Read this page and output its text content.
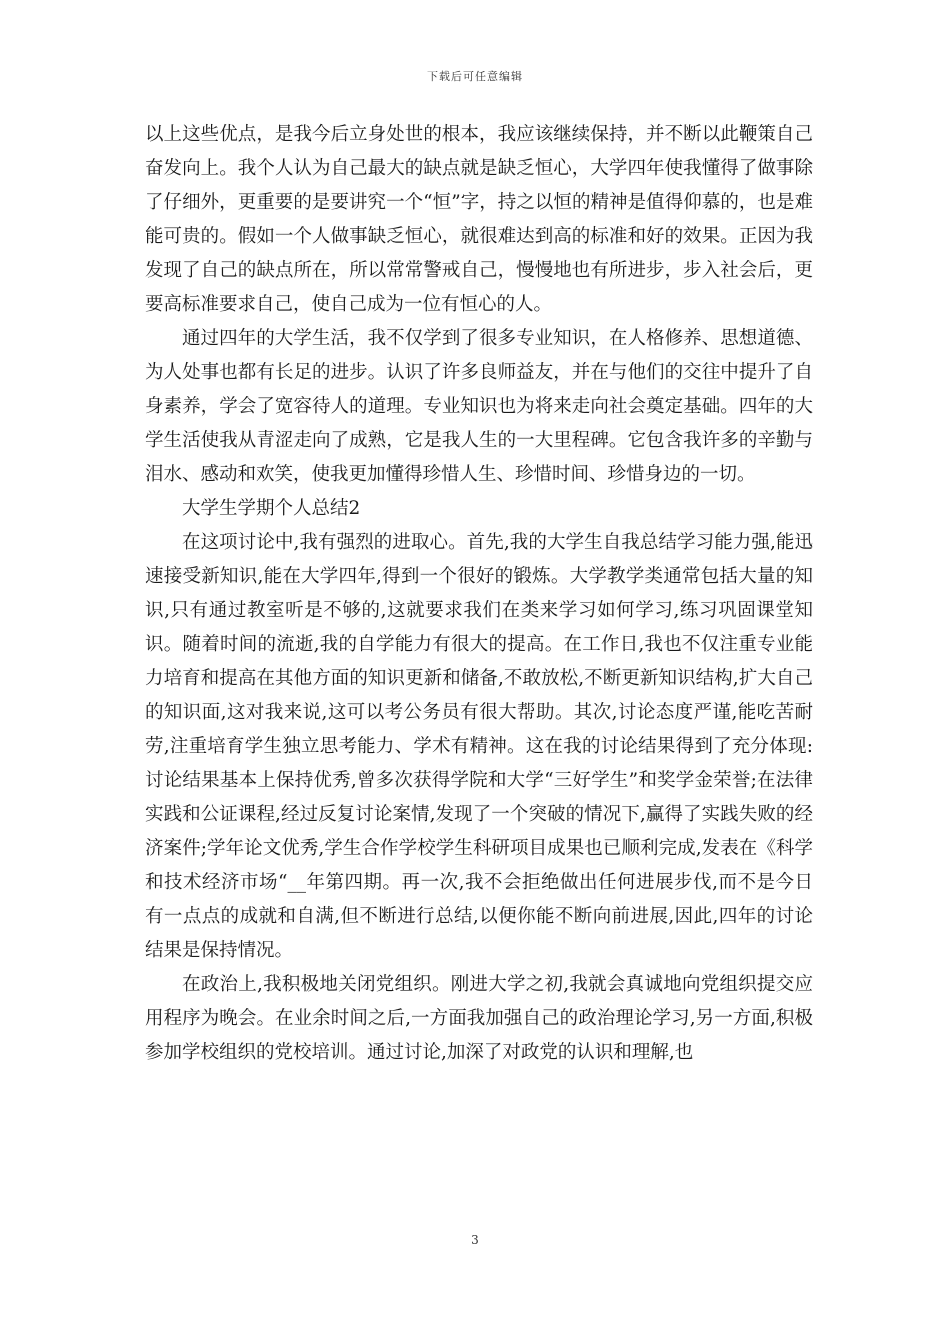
下载后可任意编辑

以上这些优点，是我今后立身处世的根本，我应该继续保持，并不断以此鞭策自己奋发向上。我个人认为自己最大的缺点就是缺乏恒心，大学四年使我懂得了做事除了仔细外，更重要的是要讲究一个“恒”字，持之以恒的精神是值得仰慕的，也是难能可贵的。假如一个人做事缺乏恒心，就很难达到高的标准和好的效果。正因为我发现了自己的缺点所在，所以常常警戒自己，慢慢地也有所进步，步入社会后，更要高标准要求自己，使自己成为一位有恒心的人。

通过四年的大学生活，我不仅学到了很多专业知识，在人格修养、思想道德、为人处事也都有长足的进步。认识了许多良师益友，并在与他们的交往中提升了自身素养，学会了宽容待人的道理。专业知识也为将来走向社会奠定基础。四年的大学生活使我从青涩走向了成熟，它是我人生的一大里程碑。它包含我许多的辛勤与泪水、感动和欢笑，使我更加懂得珍惜人生、珍惜时间、珍惜身边的一切。

大学生学期个人总结2

在这项讨论中,我有强烈的进取心。首先,我的大学生自我总结学习能力强,能迅速接受新知识,能在大学四年,得到一个很好的锻炼。大学教学类通常包括大量的知识,只有通过教室听是不够的,这就要求我们在类来学习如何学习,练习巩固课堂知识。随着时间的流逝,我的自学能力有很大的提高。在工作日,我也不仅注重专业能力培育和提高在其他方面的知识更新和储备,不敢放松,不断更新知识结构,扩大自己的知识面,这对我来说,这可以考公务员有很大帮助。其次,讨论态度严谨,能吃苦耐劳,注重培育学生独立思考能力、学术有精神。这在我的讨论结果得到了充分体现:讨论结果基本上保持优秀,曾多次获得学院和大学“三好学生”和奖学金荣誉;在法律实践和公证课程,经过反复讨论案情,发现了一个突破的情况下,赢得了实践失败的经济案件;学年论文优秀,学生合作学校学生科研项目成果也已顺利完成,发表在《科学和技术经济市场“__年第四期。再一次,我不会拒绝做出任何进展步伐,而不是今日有一点点的成就和自满,但不断进行总结,以便你能不断向前进展,因此,四年的讨论结果是保持情况。

在政治上,我积极地关闭党组织。刚进大学之初,我就会真诚地向党组织提交应用程序为晚会。在业余时间之后,一方面我加强自己的政治理论学习,另一方面,积极参加学校组织的党校培训。通过讨论,加深了对政党的认识和理解,也

3
